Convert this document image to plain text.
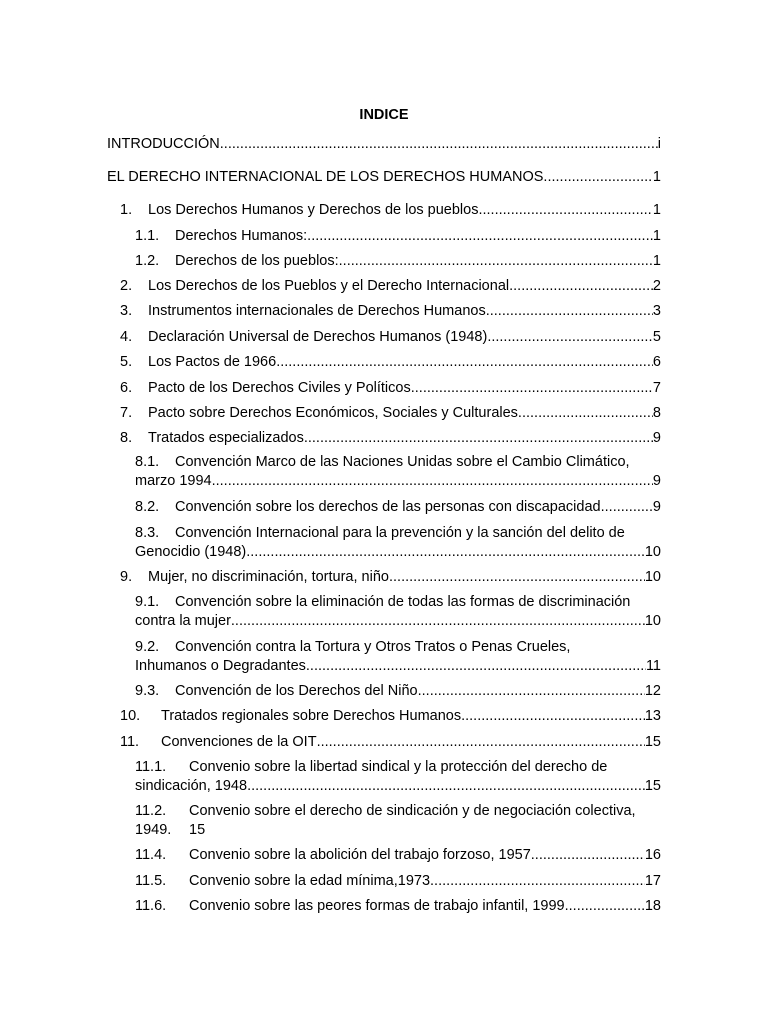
INDICE
INTRODUCCIÓN .....	i
EL DERECHO INTERNACIONAL DE LOS DERECHOS HUMANOS .....	1
1.	Los Derechos Humanos y Derechos de los pueblos .....	1
1.1.	Derechos Humanos: .....	1
1.2.	Derechos de los pueblos: .....	1
2.	Los Derechos de los Pueblos y el Derecho Internacional .....	2
3.	Instrumentos internacionales de Derechos Humanos .....	3
4.	Declaración Universal de Derechos Humanos (1948) .....	5
5.	Los Pactos de 1966 .....	6
6.	Pacto de los Derechos Civiles y Políticos .....	7
7.	Pacto sobre Derechos Económicos, Sociales y Culturales .....	8
8.	Tratados especializados .....	9
8.1.	Convención Marco de las Naciones Unidas sobre el Cambio Climático,
marzo 1994 .....	9
8.2.	Convención sobre los derechos de las personas con discapacidad .....	9
8.3.	Convención Internacional para la prevención y la sanción del delito de
Genocidio (1948) .....	10
9.	Mujer, no discriminación, tortura, niño .....	10
9.1.	Convención sobre la eliminación de todas las formas de discriminación
contra la mujer .....	10
9.2.	Convención contra la Tortura y Otros Tratos o Penas Crueles,
Inhumanos o Degradantes .....	11
9.3.	Convención de los Derechos del Niño .....	12
10.	Tratados regionales sobre Derechos Humanos .....	13
11.	Convenciones de la OIT .....	15
11.1.	Convenio sobre la libertad sindical y la protección del derecho de
sindicación, 1948 .....	15
11.2.	Convenio sobre el derecho de sindicación y de negociación colectiva,
1949.	15
11.4.	Convenio sobre la abolición del trabajo forzoso, 1957 .....	16
11.5.	Convenio sobre la edad mínima,1973 .....	17
11.6.	Convenio sobre las peores formas de trabajo infantil, 1999 .....	18
